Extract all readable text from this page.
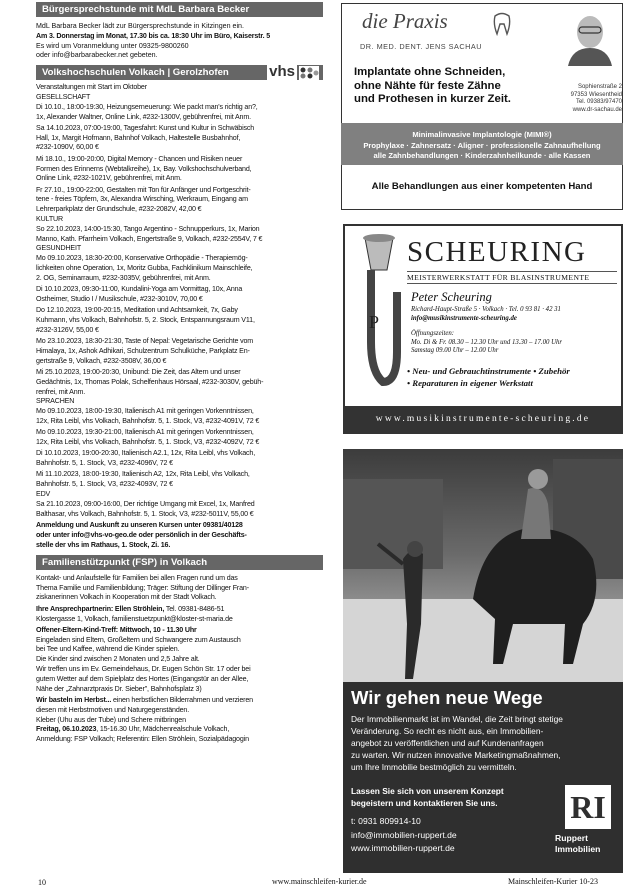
Bürgersprechstunde mit MdL Barbara Becker

MdL Barbara Becker lädt zur Bürgersprechstunde in Kitzingen ein.

Am 3. Donnerstag im Monat, 17.30 bis ca. 18:30 Uhr im Büro, Kaiserstr. 5

Es wird um Voranmeldung unter 09325-9800260

oder info@barbarabecker.net gebeten.

Volkshochschulen Volkach | Gerolzhofen	vhs

Veranstaltungen mit Start im Oktober

GESELLSCHAFT

Di 10.10., 18:00-19:30, Heizungserneuerung: Wie packt man's richtig an?,

1x, Alexander Waltner, Online Link, #232-1300V, gebührenfrei, mit Anm.

Sa 14.10.2023, 07:00-19:00, Tagesfahrt: Kunst und Kultur in Schwäbisch

Hall, 1x, Margit Hofmann, Bahnhof Volkach, Haltestelle Busbahnhof,

#232-1090V, 60,00 €

Mi 18.10., 19:00-20:00, Digital Memory - Chancen und Risiken neuer

Formen des Erinnerns (Webtalkreihe), 1x, Bay. Volkshochschulverband,

Online Link, #232-1021V, gebührenfrei, mit Anm.

Fr 27.10., 19:00-22:00, Gestalten mit Ton für Anfänger und Fortgeschrit-

tene - freies Töpfern, 3x, Alexandra Wirsching, Werkraum, Eingang am

Lehrerparkplatz der Grundschule, #232-2082V, 42,00 €

KULTUR

So 22.10.2023, 14:00-15:30, Tango Argentino - Schnupperkurs, 1x, Marion

Manno, Kath. Pfarrheim Volkach, Engertstraße 9, Volkach, #232-2554V, 7 €

GESUNDHEIT

Mo 09.10.2023, 18:30-20:00, Konservative Orthopädie - Therapiemög-

lichkeiten ohne Operation, 1x, Moritz Gubba, Fachklinikum Mainschleife,

2. OG, Seminarraum, #232-3035V, gebührenfrei, mit Anm.

Di 10.10.2023, 09:30-11:00, Kundalini-Yoga am Vormittag, 10x, Anna

Ostheimer, Studio I / Musikschule, #232-3010V, 70,00 €

Do 12.10.2023, 19:00-20:15, Meditation und Achtsamkeit, 7x, Gaby

Kuhmann, vhs Volkach, Bahnhofstr. 5, 2. Stock, Entspannungsraum V11,

#232-3126V, 55,00 €

Mo 23.10.2023, 18:30-21:30, Taste of Nepal: Vegetarische Gerichte vom

Himalaya, 1x, Ashok Adhikari, Schulzentrum Schulküche, Parkplatz En-

gertstraße 9, Volkach, #232-3508V, 36,00 €

Mi 25.10.2023, 19:00-20:30, Unibund: Die Zeit, das Altern und unser

Gedächtnis, 1x, Thomas Polak, Schelfenhaus Hörsaal, #232-3030V, gebüh-

renfrei, mit Anm.

SPRACHEN

Mo 09.10.2023, 18:00-19:30, Italienisch A1 mit geringen Vorkenntnissen,

12x, Rita Leibl, vhs Volkach, Bahnhofstr. 5, 1. Stock, V3, #232-4091V, 72 €

Mo 09.10.2023, 19:30-21:00, Italienisch A1 mit geringen Vorkenntnissen,

12x, Rita Leibl, vhs Volkach, Bahnhofstr. 5, 1. Stock, V3, #232-4092V, 72 €

Di 10.10.2023, 19:00-20:30, Italienisch A2.1, 12x, Rita Leibl, vhs Volkach,

Bahnhofstr. 5, 1. Stock, V3, #232-4096V, 72 €

Mi 11.10.2023, 18:00-19:30, Italienisch A2, 12x, Rita Leibl, vhs Volkach,

Bahnhofstr. 5, 1. Stock, V3, #232-4093V, 72 €

EDV

Sa 21.10.2023, 09:00-16:00, Der richtige Umgang mit Excel, 1x, Manfred

Balthasar, vhs Volkach, Bahnhofstr. 5, 1. Stock, V3, #232-5011V, 55,00 €

Anmeldung und Auskunft zu unseren Kursen unter 09381/40128

oder unter info@vhs-vo-geo.de oder persönlich in der Geschäfts-

stelle der vhs im Rathaus, 1. Stock, Zi. 16.

Familienstützpunkt (FSP) in Volkach

Kontakt- und Anlaufstelle für Familien bei allen Fragen rund um das

Thema Familie und Familienbildung; Träger: Stiftung der Dillinger Fran-

ziskanerinnen Volkach in Kooperation mit der Stadt Volkach.

Ihre Ansprechpartnerin: Ellen Ströhlein, Tel. 09381-8486-51

Klostergasse 1, Volkach, familienstuetzpunkt@kloster-st-maria.de

Offener-Eltern-Kind-Treff: Mittwoch, 10 - 11.30 Uhr

Eingeladen sind Eltern, Großeltern und Schwangere zum Austausch

bei Tee und Kaffee, während die Kinder spielen.

Die Kinder sind zwischen 2 Monaten und 2,5 Jahre alt.

Wir treffen uns im Ev. Gemeindehaus, Dr. Eugen Schön Str. 17 oder bei

gutem Wetter auf dem Spielplatz des Hortes (Eingangstür an der Allee,

Nähe der „Zahnarztpraxis Dr. Sieber", Bahnhofsplatz 3)

Wir basteln im Herbst... einen herbstlichen Bilderrahmen und verzieren

diesen mit Herbstmotiven und Naturgegenständen.

Kleber (Uhu aus der Tube) und Schere mitbringen

Freitag, 06.10.2023, 15-16.30 Uhr, Mädchenrealschule Volkach,

Anmeldung: FSP Volkach; Referentin: Ellen Ströhlein, Sozialpädagogin

die Praxis
DR. MED. DENT. JENS SACHAU
Implantate ohne Schneiden,
ohne Nähte für feste Zähne
und Prothesen in kurzer Zeit.
Sophienstraße 2
97353 Wiesentheid
Tel. 09383/97470
www.dr-sachau.de
Minimalinvasive Implantologie (MIMI®)
Prophylaxe · Zahnersatz · Aligner · professionelle Zahnaufhellung
alle Zahnbehandlungen · Kinderzahnheilkunde · alle Kassen
Alle Behandlungen aus einer kompetenten Hand
P
SCHEURING
MEISTERWERKSTATT FÜR BLASINSTRUMENTE
Peter Scheuring
Richard-Haupt-Straße 5 · Volkach · Tel. 0 93 81 · 42 31
info@musikinstrumente-scheuring.de
Öffnungszeiten:
Mo. Di & Fr. 08.30 – 12.30 Uhr und 13.30 – 17.00 Uhr
Samstag 09.00 Uhr – 12.00 Uhr
• Neu- und Gebrauchtinstrumente • Zubehör
• Reparaturen in eigener Werkstatt
www.musikinstrumente-scheuring.de
Wir gehen neue Wege
Der Immobilienmarkt ist im Wandel, die Zeit bringt stetige
Veränderung. So recht es nicht aus, ein Immobilien-
angebot zu veröffentlichen und auf Kundenanfragen
zu warten. Wir nutzen innovative Marketingmaßnahmen,
um Ihre Immobilie bestmöglich zu vermitteln.
Lassen Sie sich von unserem Konzept
begeistern und kontaktieren Sie uns.
t: 0931 809914-10
info@immobilien-ruppert.de
www.immobilien-ruppert.de
RI
Ruppert
Immobilien
10	www.mainschleifen-kurier.de	Mainschleifen-Kurier 10-23
